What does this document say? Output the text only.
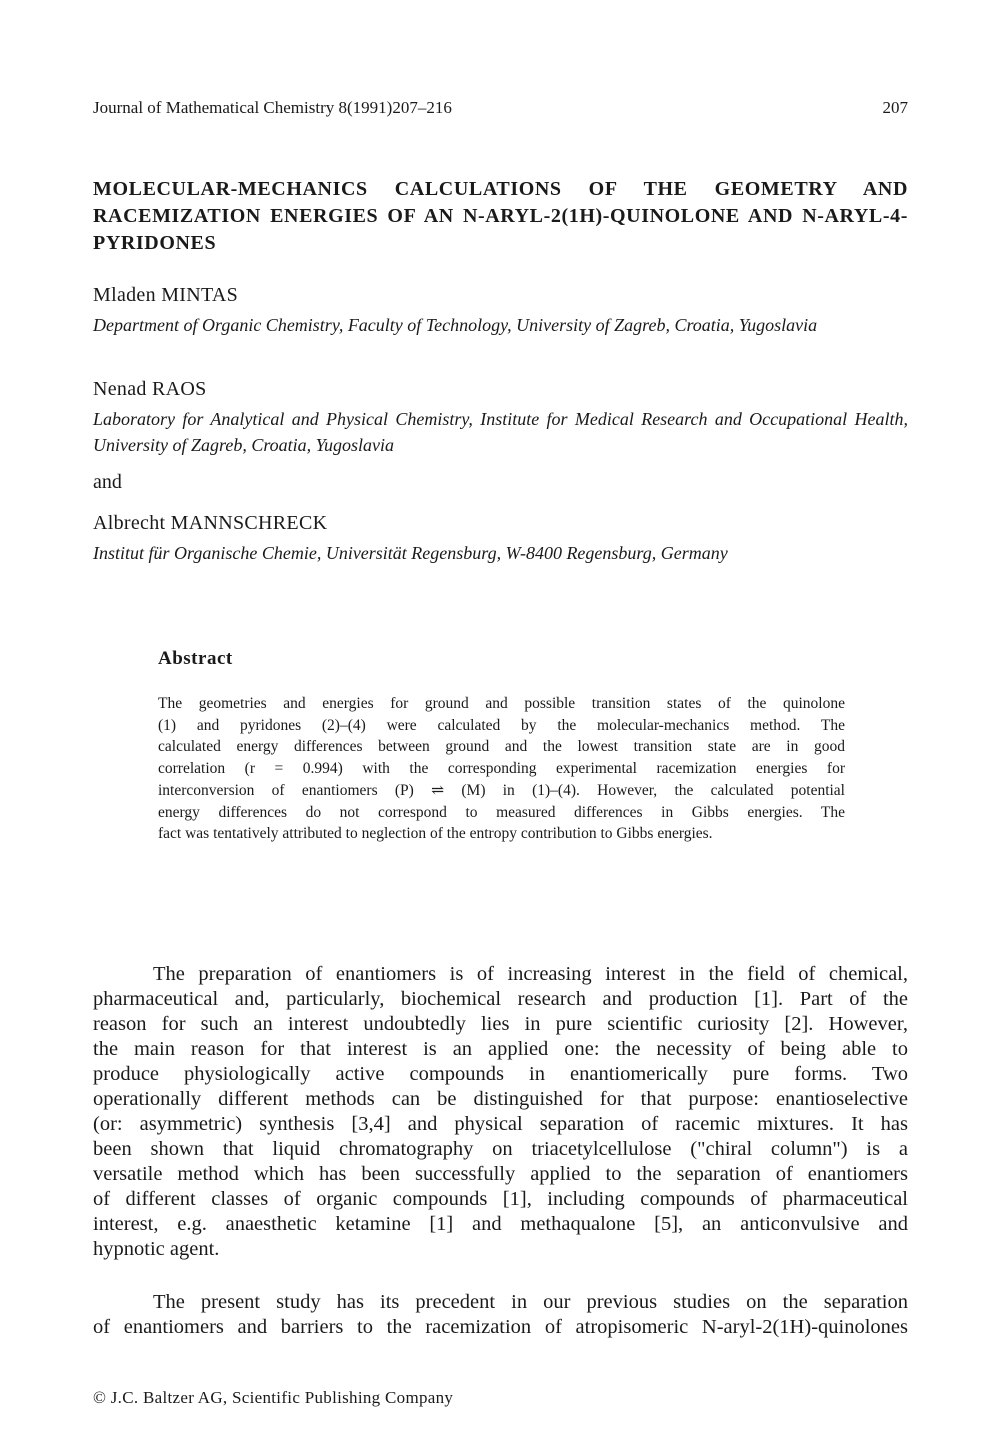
Journal of Mathematical Chemistry 8(1991)207–216	207
MOLECULAR-MECHANICS CALCULATIONS OF THE GEOMETRY AND RACEMIZATION ENERGIES OF AN N-ARYL-2(1H)-QUINOLONE AND N-ARYL-4-PYRIDONES
Mladen MINTAS
Department of Organic Chemistry, Faculty of Technology, University of Zagreb, Croatia, Yugoslavia
Nenad RAOS
Laboratory for Analytical and Physical Chemistry, Institute for Medical Research and Occupational Health, University of Zagreb, Croatia, Yugoslavia
and
Albrecht MANNSCHRECK
Institut für Organische Chemie, Universität Regensburg, W-8400 Regensburg, Germany
Abstract
The geometries and energies for ground and possible transition states of the quinolone
(1) and pyridones (2)–(4) were calculated by the molecular-mechanics method. The
calculated energy differences between ground and the lowest transition state are in good
correlation (r = 0.994) with the corresponding experimental racemization energies for
interconversion of enantiomers (P) ⇌ (M) in (1)–(4). However, the calculated potential
energy differences do not correspond to measured differences in Gibbs energies. The
fact was tentatively attributed to neglection of the entropy contribution to Gibbs energies.
The preparation of enantiomers is of increasing interest in the field of chemical,
pharmaceutical and, particularly, biochemical research and production [1]. Part of the
reason for such an interest undoubtedly lies in pure scientific curiosity [2]. However,
the main reason for that interest is an applied one: the necessity of being able to
produce physiologically active compounds in enantiomerically pure forms. Two
operationally different methods can be distinguished for that purpose: enantioselective
(or: asymmetric) synthesis [3,4] and physical separation of racemic mixtures. It has
been shown that liquid chromatography on triacetylcellulose ("chiral column") is a
versatile method which has been successfully applied to the separation of enantiomers
of different classes of organic compounds [1], including compounds of pharmaceutical
interest, e.g. anaesthetic ketamine [1] and methaqualone [5], an anticonvulsive and
hypnotic agent.
The present study has its precedent in our previous studies on the separation
of enantiomers and barriers to the racemization of atropisomeric N-aryl-2(1H)-quinolones
© J.C. Baltzer AG, Scientific Publishing Company
